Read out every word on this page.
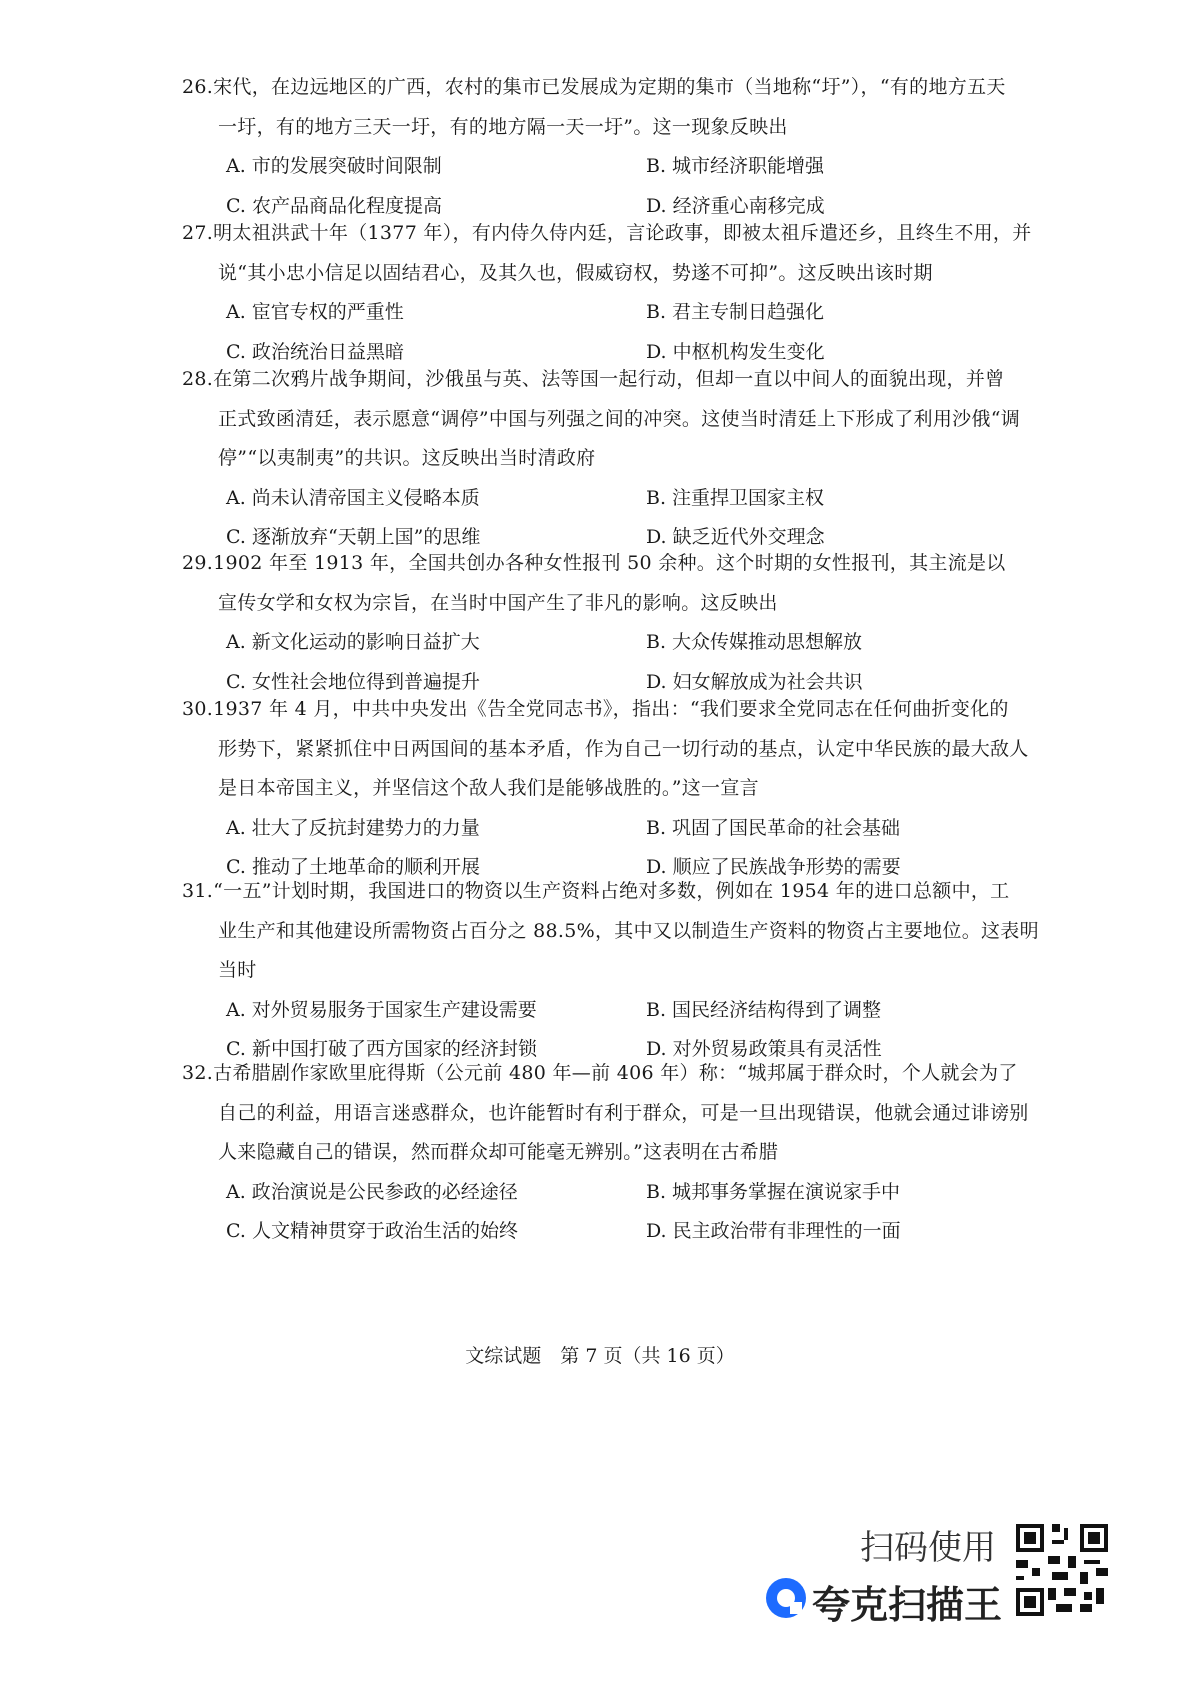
26.宋代，在边远地区的广西，农村的集市已发展成为定期的集市（当地称“圩”），“有的地方五天
一圩，有的地方三天一圩，有的地方隔一天一圩”。这一现象反映出
A. 市的发展突破时间限制	B. 城市经济职能增强
C. 农产品商品化程度提高	D. 经济重心南移完成
27.明太祖洪武十年（1377 年），有内侍久侍内廷，言论政事，即被太祖斥遣还乡，且终生不用，并
说“其小忠小信足以固结君心，及其久也，假威窃权，势遂不可抑”。这反映出该时期
A. 宦官专权的严重性	B. 君主专制日趋强化
C. 政治统治日益黑暗	D. 中枢机构发生变化
28.在第二次鸦片战争期间，沙俄虽与英、法等国一起行动，但却一直以中间人的面貌出现，并曾
正式致函清廷，表示愿意“调停”中国与列强之间的冲突。这使当时清廷上下形成了利用沙俄“调停”“以夷制夷”的共识。这反映出当时清政府
A. 尚未认清帝国主义侵略本质	B. 注重捍卫国家主权
C. 逐渐放弃“天朝上国”的思维	D. 缺乏近代外交理念
29.1902 年至 1913 年，全国共创办各种女性报刊 50 余种。这个时期的女性报刊，其主流是以
宣传女学和女权为宗旨，在当时中国产生了非凡的影响。这反映出
A. 新文化运动的影响日益扩大	B. 大众传媒推动思想解放
C. 女性社会地位得到普遍提升	D. 妇女解放成为社会共识
30.1937 年 4 月，中共中央发出《告全党同志书》，指出：“我们要求全党同志在任何曲折变化的
形势下，紧紧抓住中日两国间的基本矛盾，作为自己一切行动的基点，认定中华民族的最大敌人是日本帝国主义，并坚信这个敌人我们是能够战胜的。”这一宣言
A. 壮大了反抗封建势力的力量	B. 巩固了国民革命的社会基础
C. 推动了土地革命的顺利开展	D. 顺应了民族战争形势的需要
31.“一五”计划时期，我国进口的物资以生产资料占绝对多数，例如在 1954 年的进口总额中，工
业生产和其他建设所需物资占百分之 88.5%，其中又以制造生产资料的物资占主要地位。这表明当时
A. 对外贸易服务于国家生产建设需要	B. 国民经济结构得到了调整
C. 新中国打破了西方国家的经济封锁	D. 对外贸易政策具有灵活性
32.古希腊剧作家欧里庇得斯（公元前 480 年—前 406 年）称：“城邦属于群众时，个人就会为了
自己的利益，用语言迷惑群众，也许能暂时有利于群众，可是一旦出现错误，他就会通过诽谤别人来隐藏自己的错误，然而群众却可能毫无辨别。”这表明在古希腊
A. 政治演说是公民参政的必经途径	B. 城邦事务掌握在演说家手中
C. 人文精神贯穿于政治生活的始终	D. 民主政治带有非理性的一面
文综试题　第 7 页（共 16 页）
扫码使用
夸克扫描王
